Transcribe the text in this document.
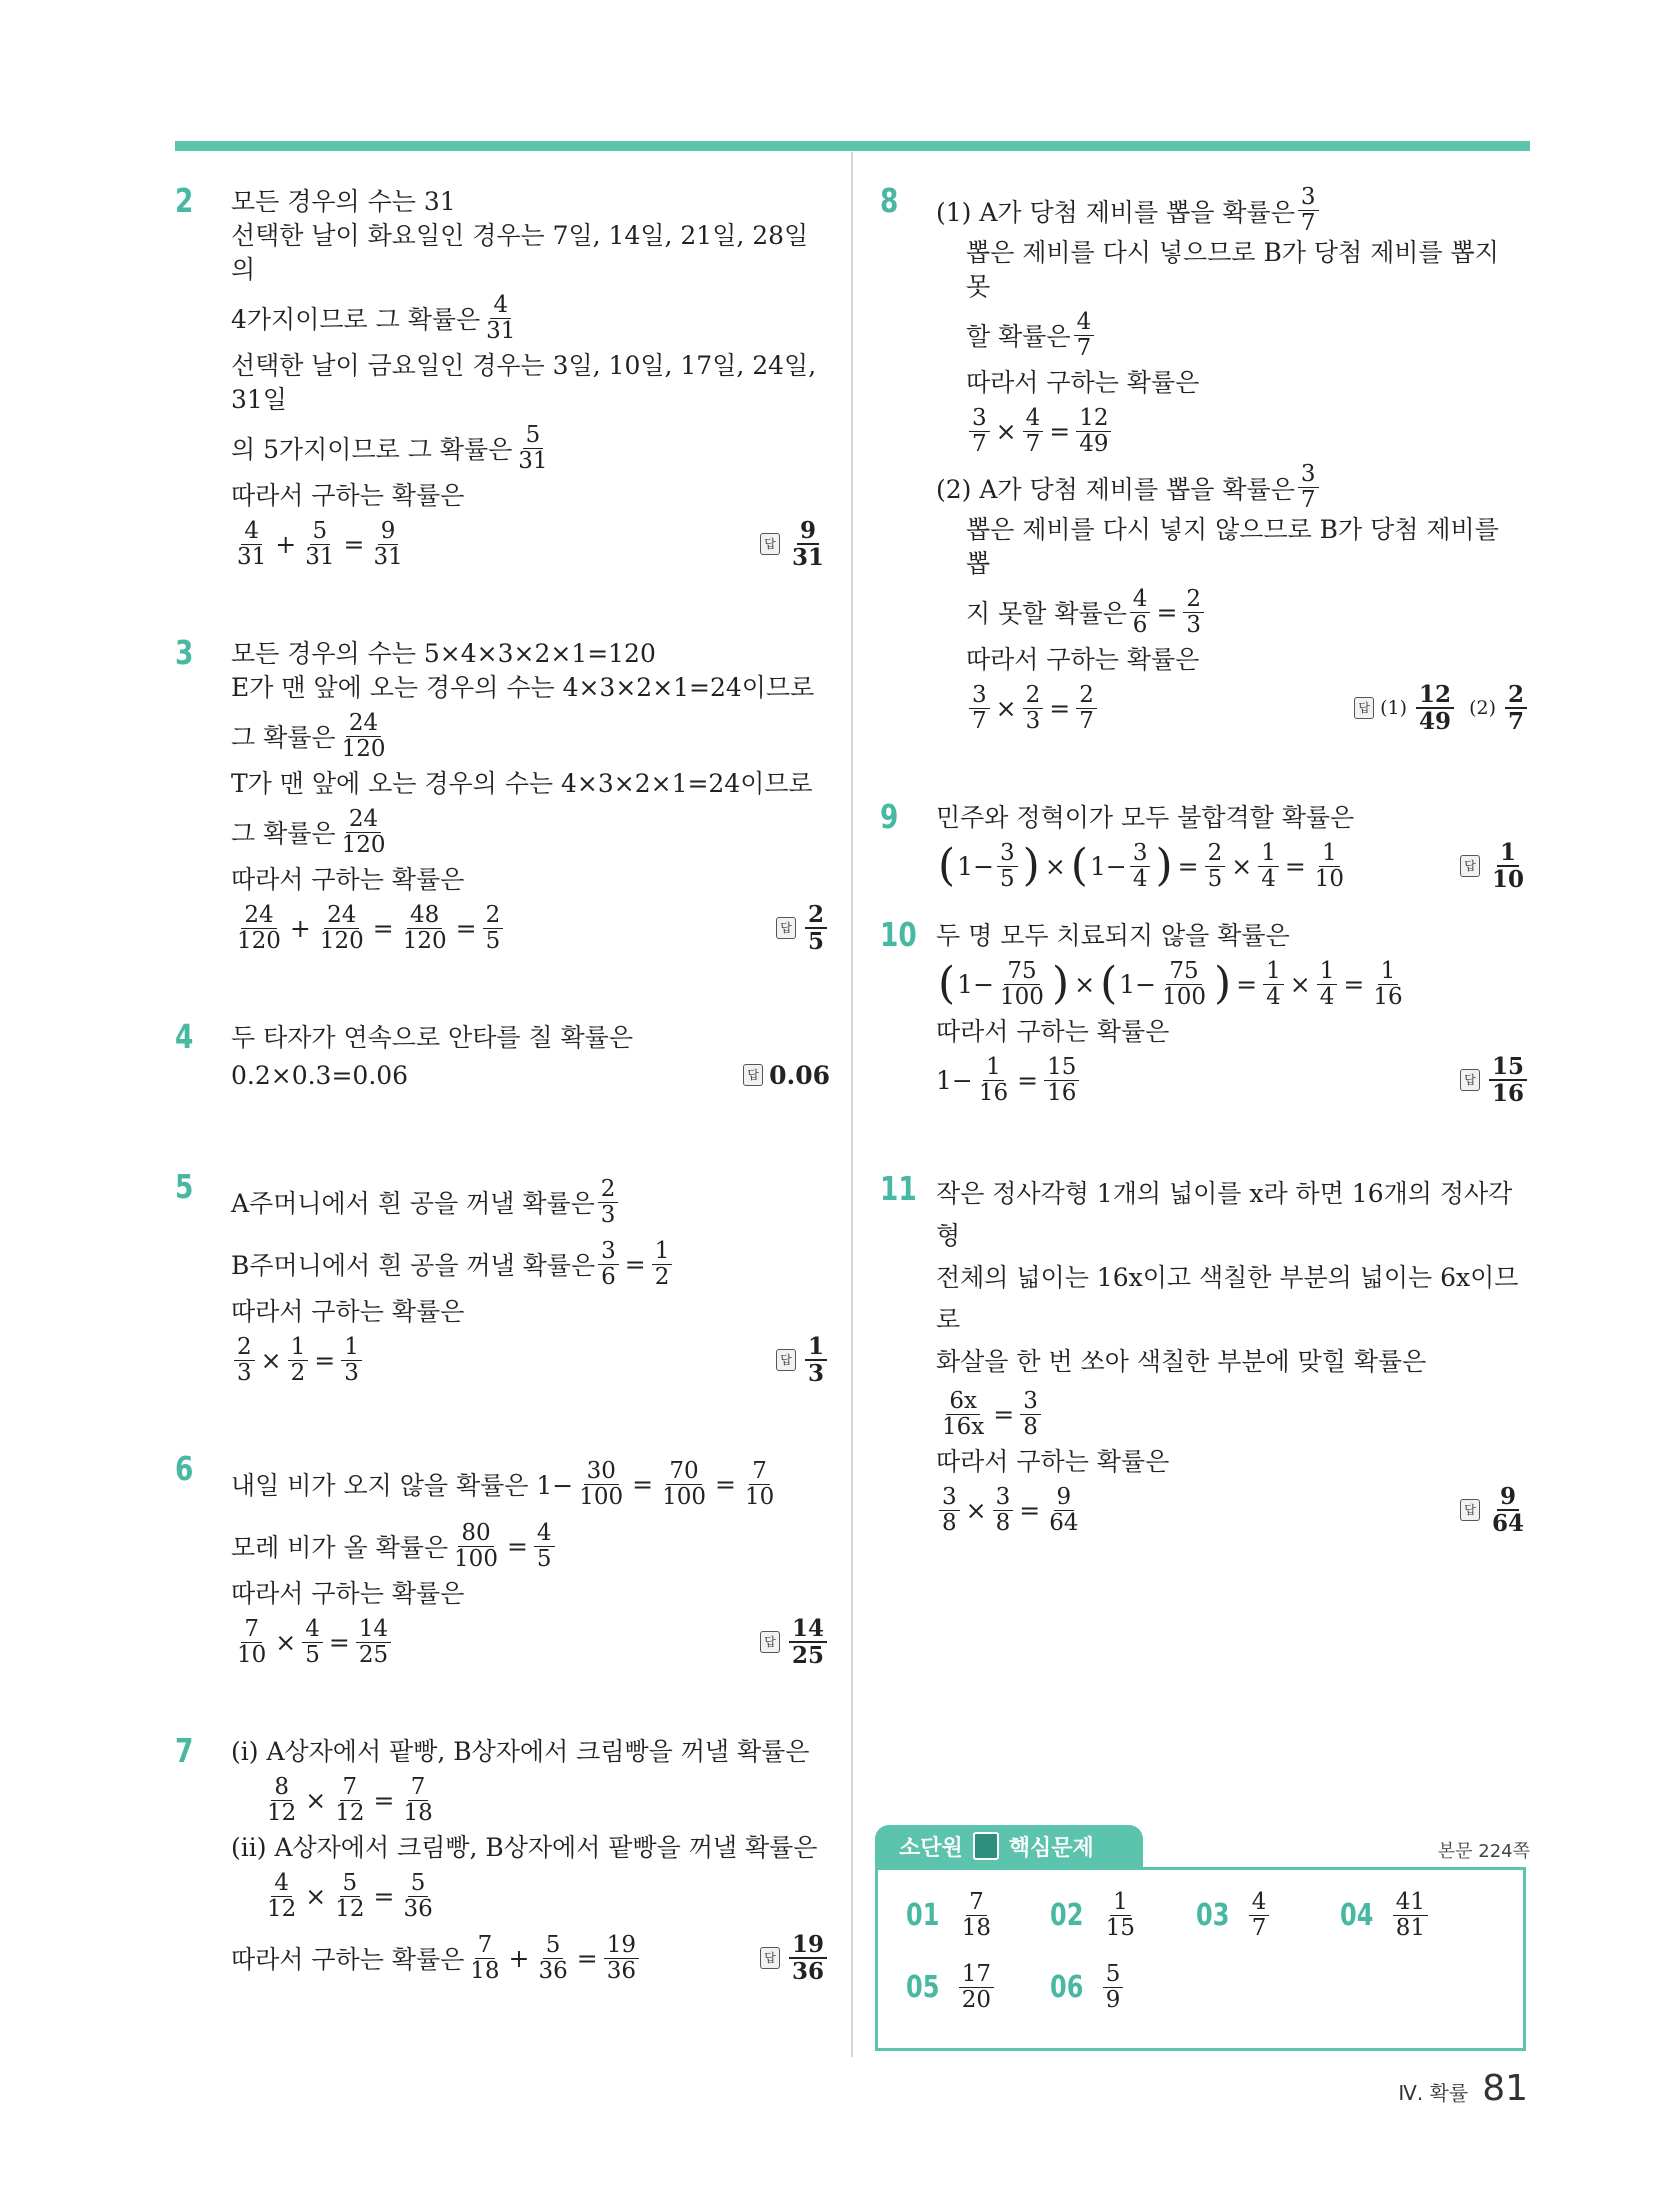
2 모든 경우의 수는 31

선택한 날이 화요일인 경우는 7일, 14일, 21일, 28일의

4가지이므로 그 확률은 $\frac{4}{31}$

선택한 날이 금요일인 경우는 3일, 10일, 17일, 24일, 31일

의 5가지이므로 그 확률은 $\frac{5}{31}$

따라서 구하는 확률은

$\frac{4}{31} + \frac{5}{31} = \frac{9}{31}$	답 $\frac{9}{31}$
3 모든 경우의 수는 5×4×3×2×1=120

E가 맨 앞에 오는 경우의 수는 4×3×2×1=24이므로

그 확률은 $\frac{24}{120}$

T가 맨 앞에 오는 경우의 수는 4×3×2×1=24이므로

그 확률은 $\frac{24}{120}$

따라서 구하는 확률은

$\frac{24}{120} + \frac{24}{120} = \frac{48}{120} = \frac{2}{5}$	답 $\frac{2}{5}$
4 두 타자가 연속으로 안타를 칠 확률은

0.2×0.3=0.06	답 0.06
5 A주머니에서 흰 공을 꺼낼 확률은 $\frac{2}{3}$
B주머니에서 흰 공을 꺼낼 확률은 $\frac{3}{6} = \frac{1}{2}$

따라서 구하는 확률은

$\frac{2}{3} \times \frac{1}{2} = \frac{1}{3}$	답 $\frac{1}{3}$
6 내일 비가 오지 않을 확률은 $1- \frac{30}{100} = \frac{70}{100} = \frac{7}{10}$
모레 비가 올 확률은 $\frac{80}{100} = \frac{4}{5}$

따라서 구하는 확률은

$\frac{7}{10} \times \frac{4}{5} = \frac{14}{25}$	답 $\frac{14}{25}$
7 (ⅰ) A상자에서 팥빵, B상자에서 크림빵을 꺼낼 확률은

$\frac{8}{12} \times \frac{7}{12} = \frac{7}{18}$

(ⅱ) A상자에서 크림빵, B상자에서 팥빵을 꺼낼 확률은

$\frac{4}{12} \times \frac{5}{12} = \frac{5}{36}$
따라서 구하는 확률은 $\frac{7}{18} + \frac{5}{36} = \frac{19}{36}$	답 $\frac{19}{36}$
8 (1) A가 당첨 제비를 뽑을 확률은 $\frac{3}{7}$

뽑은 제비를 다시 넣으므로 B가 당첨 제비를 뽑지 못

할 확률은 $\frac{4}{7}$

따라서 구하는 확률은

$\frac{3}{7} \times \frac{4}{7} = \frac{12}{49}$
(2) A가 당첨 제비를 뽑을 확률은 $\frac{3}{7}$

뽑은 제비를 다시 넣지 않으므로 B가 당첨 제비를 뽑

지 못할 확률은 $\frac{4}{6} = \frac{2}{3}$

따라서 구하는 확률은

$\frac{3}{7} \times \frac{2}{3} = \frac{2}{7}$	답 $(1) \frac{12}{49} (2) \frac{2}{7}$
9 민주와 정혁이가 모두 불합격할 확률은

( $1- \frac{3}{5}$ ) × ( $1- \frac{3}{4}$ ) = $\frac{2}{5} \times \frac{1}{4} = \frac{1}{10}$	답 $\frac{1}{10}$
10 두 명 모두 치료되지 않을 확률은

( $1- \frac{75}{100}$ ) × ( $1- \frac{75}{100}$ ) = $\frac{1}{4} \times \frac{1}{4} = \frac{1}{16}$

따라서 구하는 확률은

$1- \frac{1}{16} = \frac{15}{16}$	답 $\frac{15}{16}$
11 작은 정사각형 1개의 넓이를 x라 하면 16개의 정사각형

전체의 넓이는 16x이고 색칠한 부분의 넓이는 6x이므로

화살을 한 번 쏘아 색칠한 부분에 맞힐 확률은

$\frac{6x}{16x} = \frac{3}{8}$

따라서 구하는 확률은

$\frac{3}{8} \times \frac{3}{8} = \frac{9}{64}$	답 $\frac{9}{64}$
소단원 핵심문제	본문 224쪽
$01 \frac{7}{18} 02 \frac{1}{15} 03 \frac{4}{7} 04 \frac{41}{81}$
$05 \frac{17}{20} 06 \frac{5}{9}$
Ⅳ. 확률 81
